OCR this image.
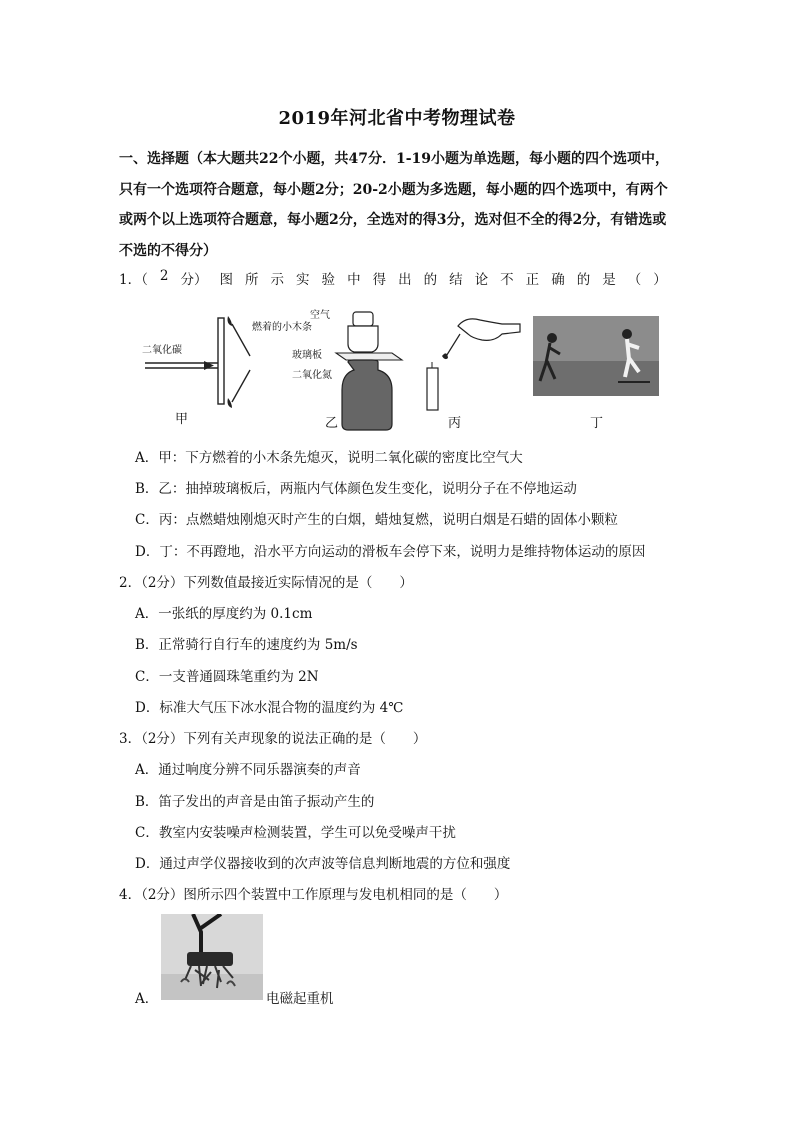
2019年河北省中考物理试卷
一、选择题（本大题共22个小题，共47分．1-19小题为单选题，每小题的四个选项中，只有一个选项符合题意，每小题2分；20-2小题为多选题，每小题的四个选项中，有两个或两个以上选项符合题意，每小题2分，全选对的得3分，选对但不全的得2分，有错选或不选的不得分）
1．（ 2 分） 图 所 示 实 验 中 得 出 的 结 论 不 正 确 的 是 （ ）
二氧化碳
燃着的小木条
空气
玻璃板
二氧化氮
甲	乙	丙	丁
A．甲：下方燃着的小木条先熄灭，说明二氧化碳的密度比空气大
B．乙：抽掉玻璃板后，两瓶内气体颜色发生变化，说明分子在不停地运动
C．丙：点燃蜡烛刚熄灭时产生的白烟，蜡烛复燃，说明白烟是石蜡的固体小颗粒
D．丁：不再蹬地，沿水平方向运动的滑板车会停下来，说明力是维持物体运动的原因
2．（2分）下列数值最接近实际情况的是（　　）
A．一张纸的厚度约为 0.1cm
B．正常骑行自行车的速度约为 5m/s
C．一支普通圆珠笔重约为 2N
D．标准大气压下冰水混合物的温度约为 4℃
3．（2分）下列有关声现象的说法正确的是（　　）
A．通过响度分辨不同乐器演奏的声音
B．笛子发出的声音是由笛子振动产生的
C．教室内安装噪声检测装置，学生可以免受噪声干扰
D．通过声学仪器接收到的次声波等信息判断地震的方位和强度
4．（2分）图所示四个装置中工作原理与发电机相同的是（　　）
A．	电磁起重机
